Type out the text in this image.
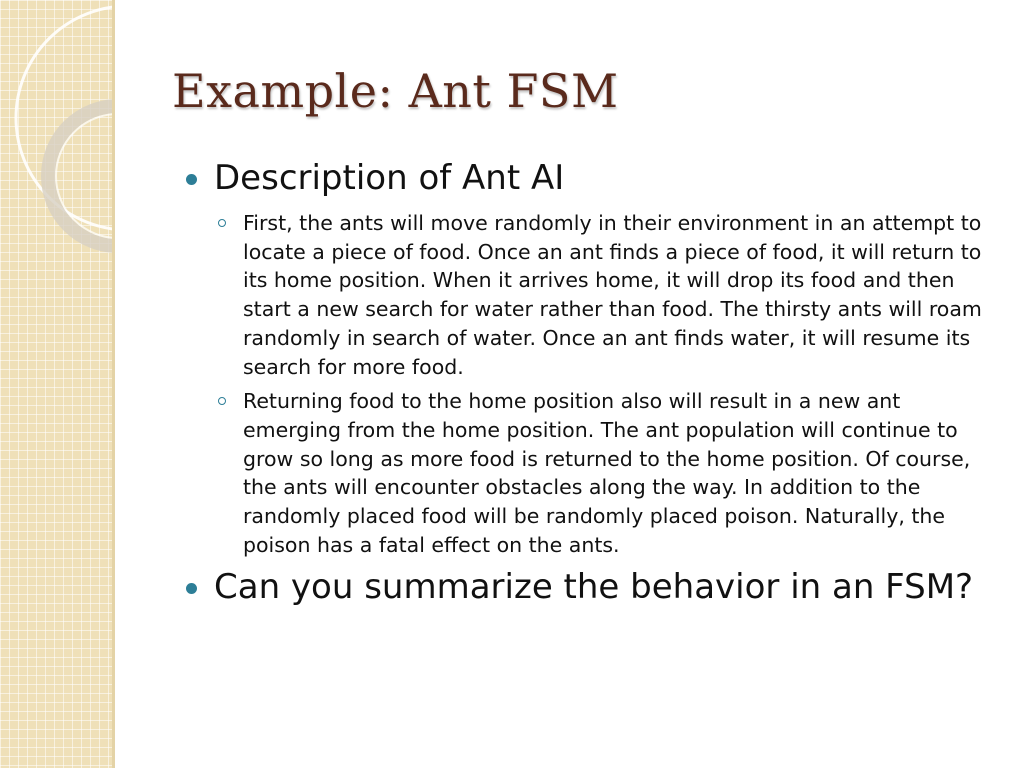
Example: Ant FSM
Description of Ant AI
First, the ants will move randomly in their environment in an attempt to locate a piece of food. Once an ant finds a piece of food, it will return to its home position. When it arrives home, it will drop its food and then start a new search for water rather than food. The thirsty ants will roam randomly in search of water. Once an ant finds water, it will resume its search for more food.
Returning food to the home position also will result in a new ant emerging from the home position. The ant population will continue to grow so long as more food is returned to the home position. Of course, the ants will encounter obstacles along the way. In addition to the randomly placed food will be randomly placed poison. Naturally, the poison has a fatal effect on the ants.
Can you summarize the behavior in an FSM?
